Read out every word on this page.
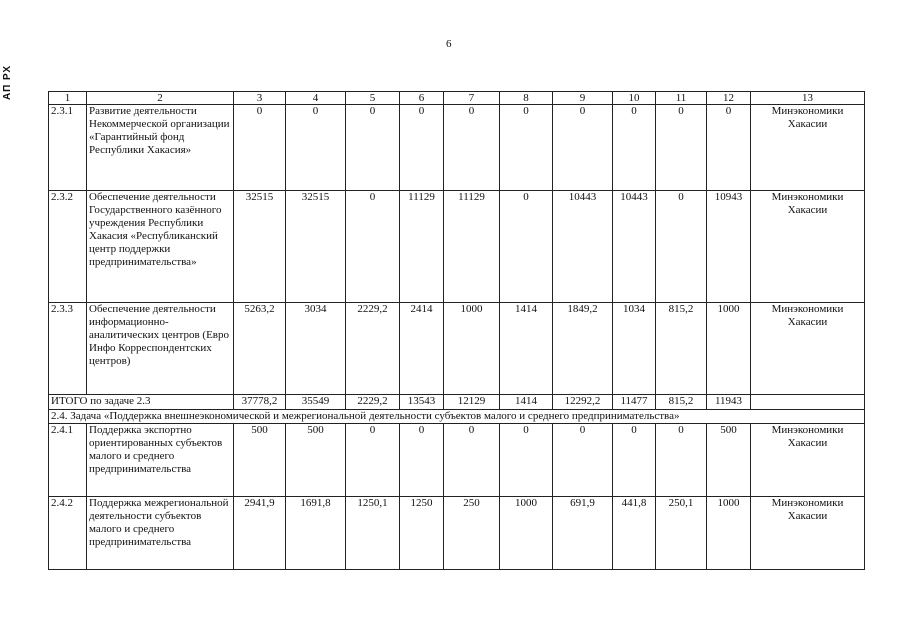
АП РХ
6
1	2	3	4	5	6	7	8	9	10	11	12	13
2.3.1	Развитие деятельности Некоммерческой организации «Гарантийный фонд Республики Хакасия»	0	0	0	0	0	0	0	0	0	0	Минэкономики Хакасии
2.3.2	Обеспечение деятельности Государственного казённого учреждения Республики Хакасия «Республиканский центр поддержки предпринимательства»	32515	32515	0	11129	11129	0	10443	10443	0	10943	Минэкономики Хакасии
2.3.3	Обеспечение деятельности информационно-аналитических центров (Евро Инфо Корреспондентских центров)	5263,2	3034	2229,2	2414	1000	1414	1849,2	1034	815,2	1000	Минэкономики Хакасии
ИТОГО по задаче 2.3		37778,2	35549	2229,2	13543	12129	1414	12292,2	11477	815,2	11943	
2.4. Задача «Поддержка внешнеэкономической и межрегиональной деятельности субъектов малого и среднего предпринимательства»												
2.4.1	Поддержка экспортно ориентированных субъектов малого и среднего предпринимательства	500	500	0	0	0	0	0	0	0	500	Минэкономики Хакасии
2.4.2	Поддержка межрегиональной деятельности субъектов малого и среднего предпринимательства	2941,9	1691,8	1250,1	1250	250	1000	691,9	441,8	250,1	1000	Минэкономики Хакасии
